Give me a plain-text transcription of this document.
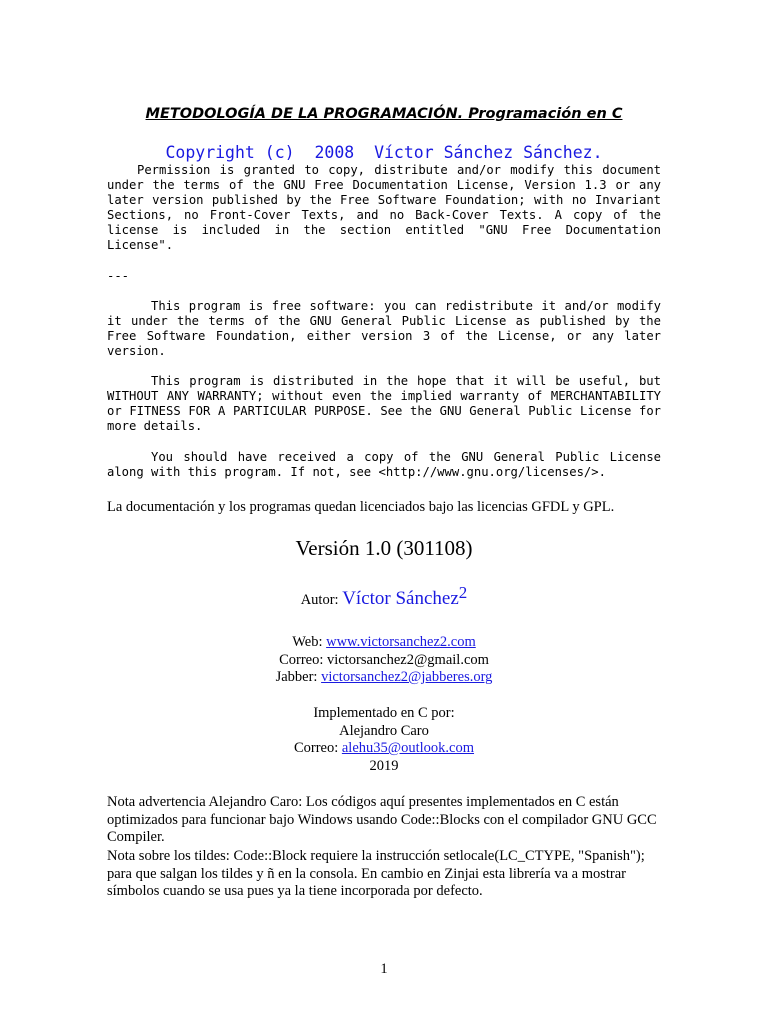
METODOLOGÍA DE LA PROGRAMACIÓN. Programación en C
Copyright (c)  2008  Víctor Sánchez Sánchez.

Permission is granted to copy, distribute and/or modify this document under the terms of the GNU Free Documentation License, Version 1.3 or any later version published by the Free Software Foundation; with no Invariant Sections, no Front-Cover Texts, and no Back-Cover Texts. A copy of the license is included in the section entitled "GNU Free Documentation License".

---

This program is free software: you can redistribute it and/or modify it under the terms of the GNU General Public License as published by the Free Software Foundation, either version 3 of the License, or any later version.

This program is distributed in the hope that it will be useful, but WITHOUT ANY WARRANTY; without even the implied warranty of MERCHANTABILITY or FITNESS FOR A PARTICULAR PURPOSE. See the GNU General Public License for more details.

You should have received a copy of the GNU General Public License along with this program. If not, see <http://www.gnu.org/licenses/>.

La documentación y los programas quedan licenciados bajo las licencias GFDL y GPL.

Versión 1.0 (301108)

Autor: Víctor Sánchez2

Web: www.victorsanchez2.com
Correo: victorsanchez2@gmail.com
Jabber: victorsanchez2@jabberes.org
Implementado en C por:
Alejandro Caro
Correo: alehu35@outlook.com
2019

Nota advertencia Alejandro Caro: Los códigos aquí presentes implementados en C están optimizados para funcionar bajo Windows usando Code::Blocks con el compilador GNU GCC Compiler.

Nota sobre los tildes: Code::Block requiere la instrucción setlocale(LC_CTYPE, "Spanish"); para que salgan los tildes y ñ en la consola. En cambio en Zinjai esta librería va a mostrar símbolos cuando se usa pues ya la tiene incorporada por defecto.

1
